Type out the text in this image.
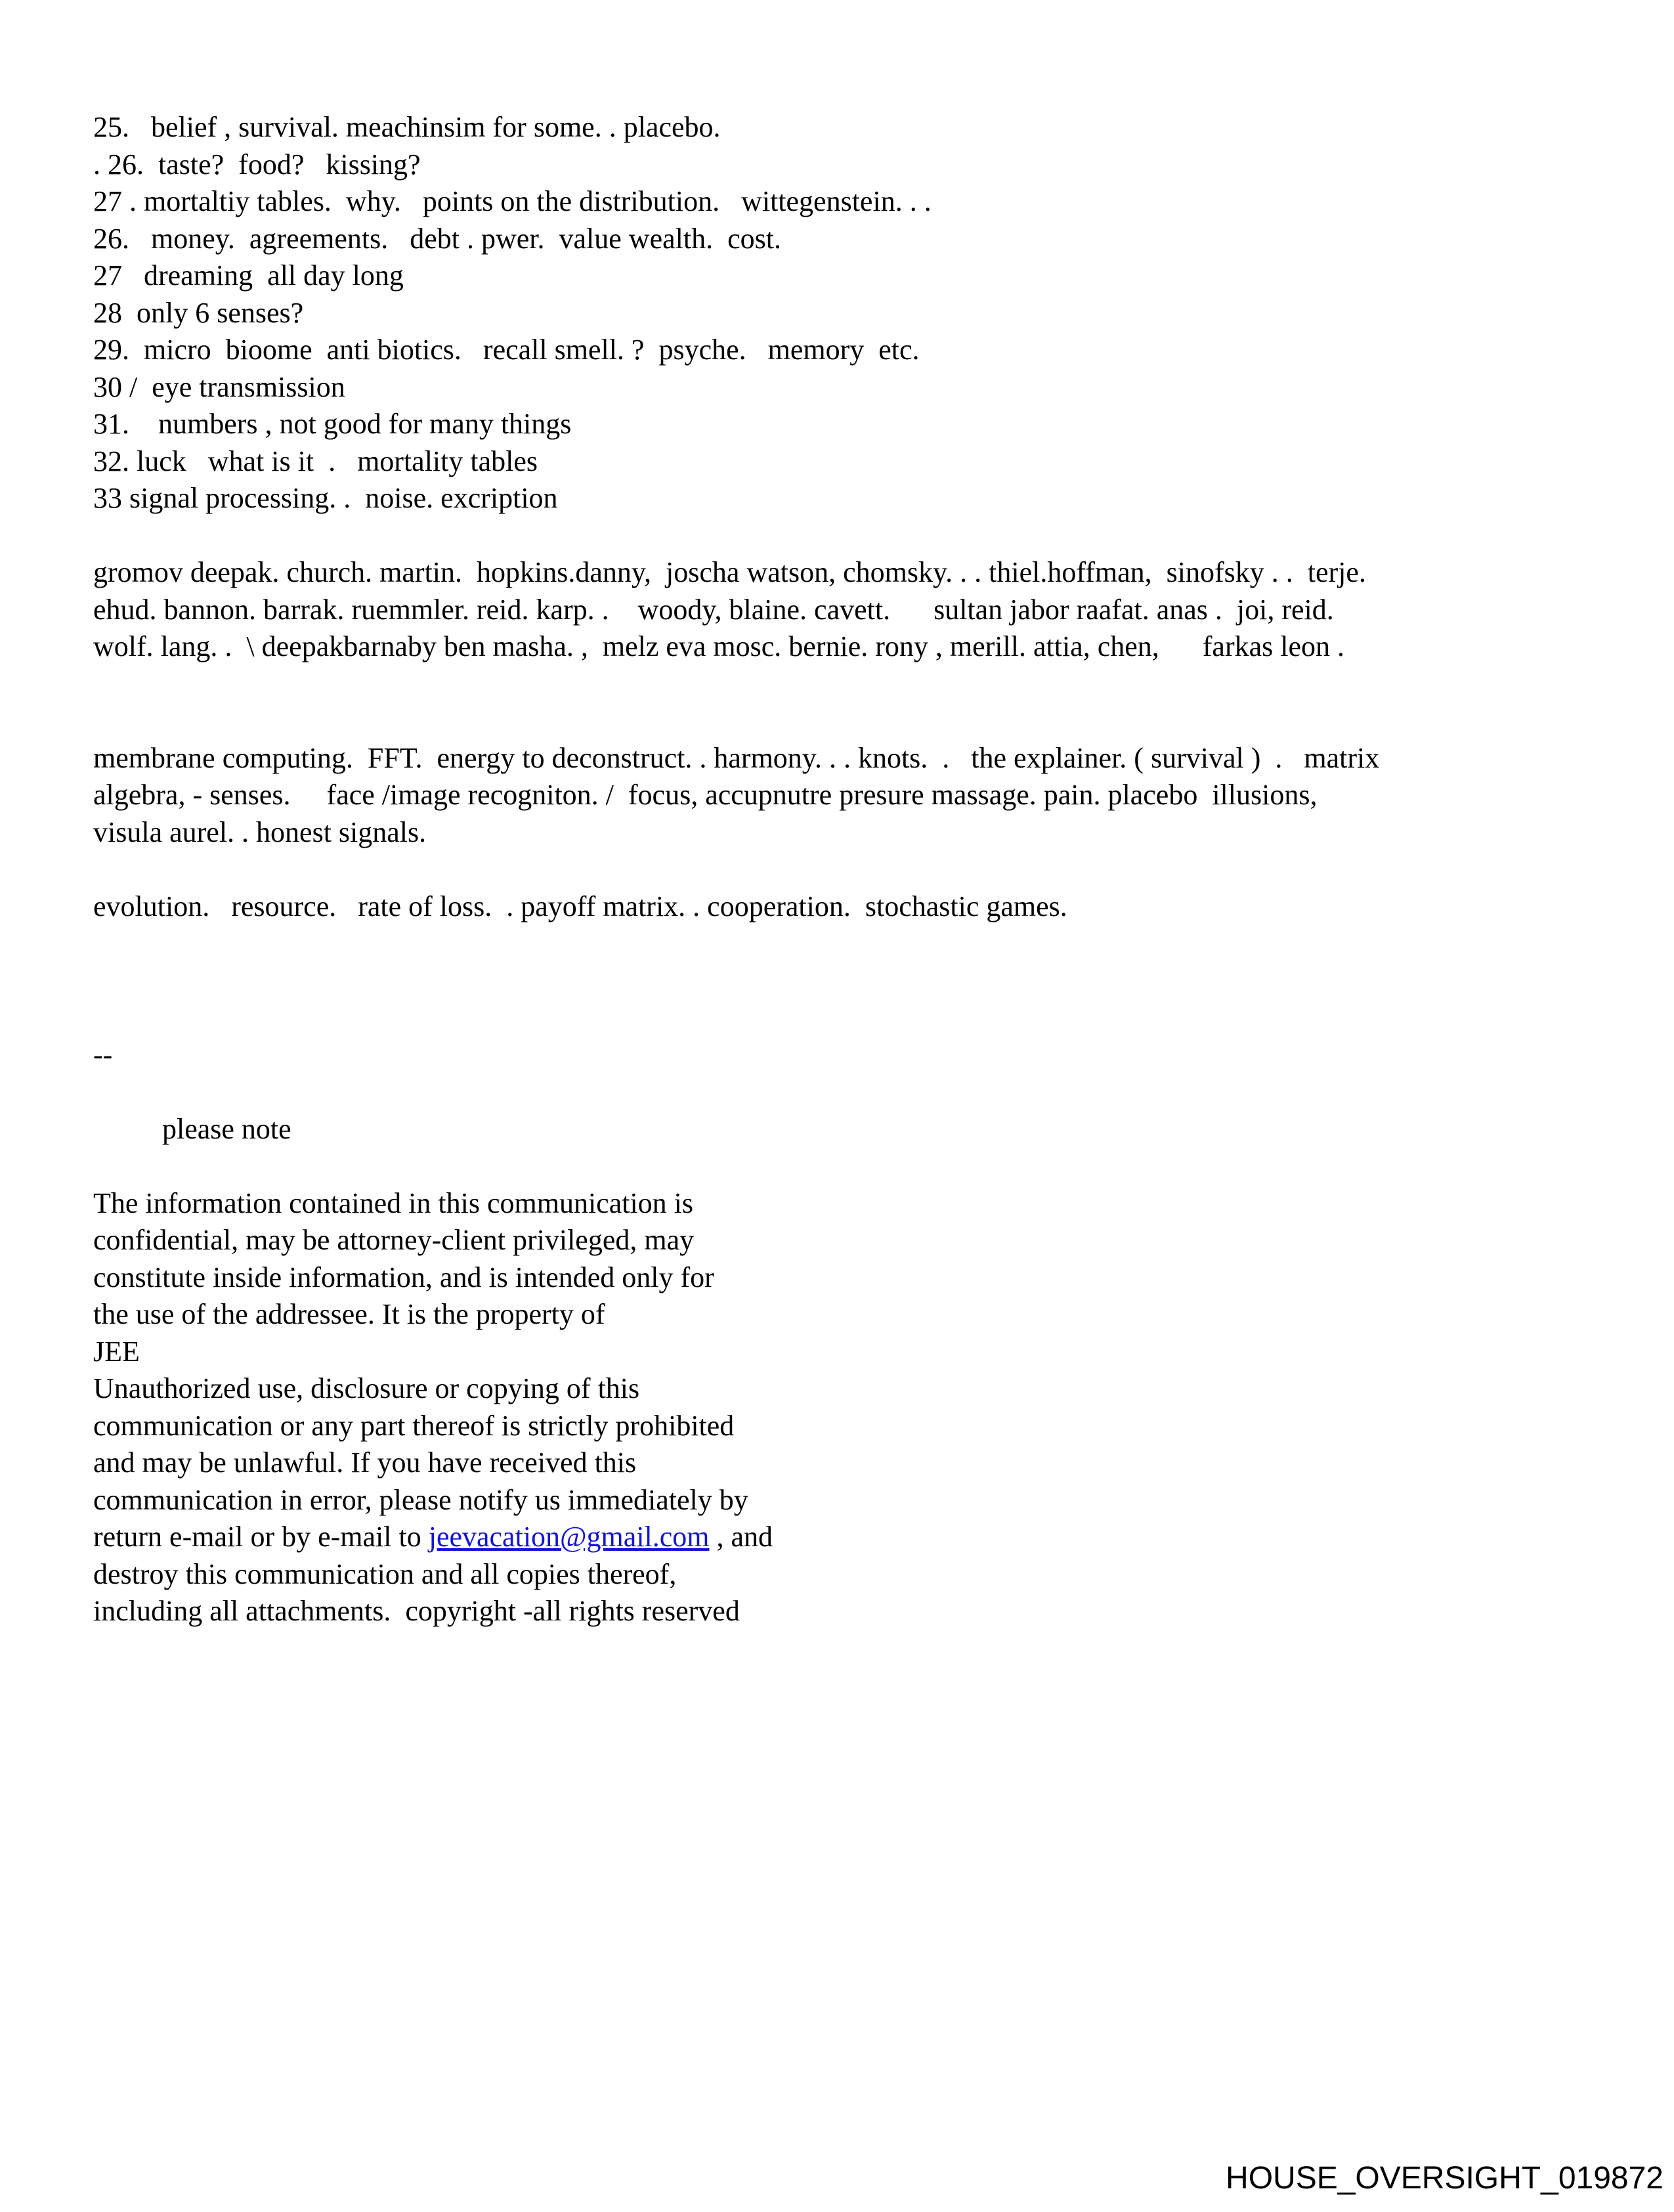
25.   belief , survival. meachinsim for some. . placebo.
. 26.  taste?  food?   kissing?
27 . mortaltiy tables.  why.   points on the distribution.   wittegenstein. . .
26.   money.  agreements.   debt . pwer.  value wealth.  cost.
27   dreaming  all day long
28  only 6 senses?
29.  micro  bioome  anti biotics.   recall smell. ?  psyche.   memory  etc.
30 /  eye transmission
31.    numbers , not good for many things
32. luck   what is it  .   mortality tables
33 signal processing. .  noise. excription

gromov deepak. church. martin.  hopkins.danny,  joscha watson, chomsky. . . thiel.hoffman,  sinofsky . .  terje.
ehud. bannon. barrak. ruemmler. reid. karp. .    woody, blaine. cavett.      sultan jabor raafat. anas .  joi, reid.
wolf. lang. .  \ deepakbarnaby ben masha. ,  melz eva mosc. bernie. rony , merill. attia, chen,      farkas leon .

membrane computing.  FFT.  energy to deconstruct. . harmony. . . knots.  .   the explainer. ( survival )  .   matrix
algebra, - senses.     face /image recogniton. /  focus, accupnutre presure massage. pain. placebo  illusions,
visula aurel. . honest signals.

evolution.   resource.   rate of loss.  . payoff matrix. . cooperation.  stochastic games.

--

please note

The information contained in this communication is
confidential, may be attorney-client privileged, may
constitute inside information, and is intended only for
the use of the addressee. It is the property of
JEE
Unauthorized use, disclosure or copying of this
communication or any part thereof is strictly prohibited
and may be unlawful. If you have received this
communication in error, please notify us immediately by
return e-mail or by e-mail to jeevacation@gmail.com , and
destroy this communication and all copies thereof,
including all attachments.  copyright -all rights reserved
HOUSE_OVERSIGHT_019872
